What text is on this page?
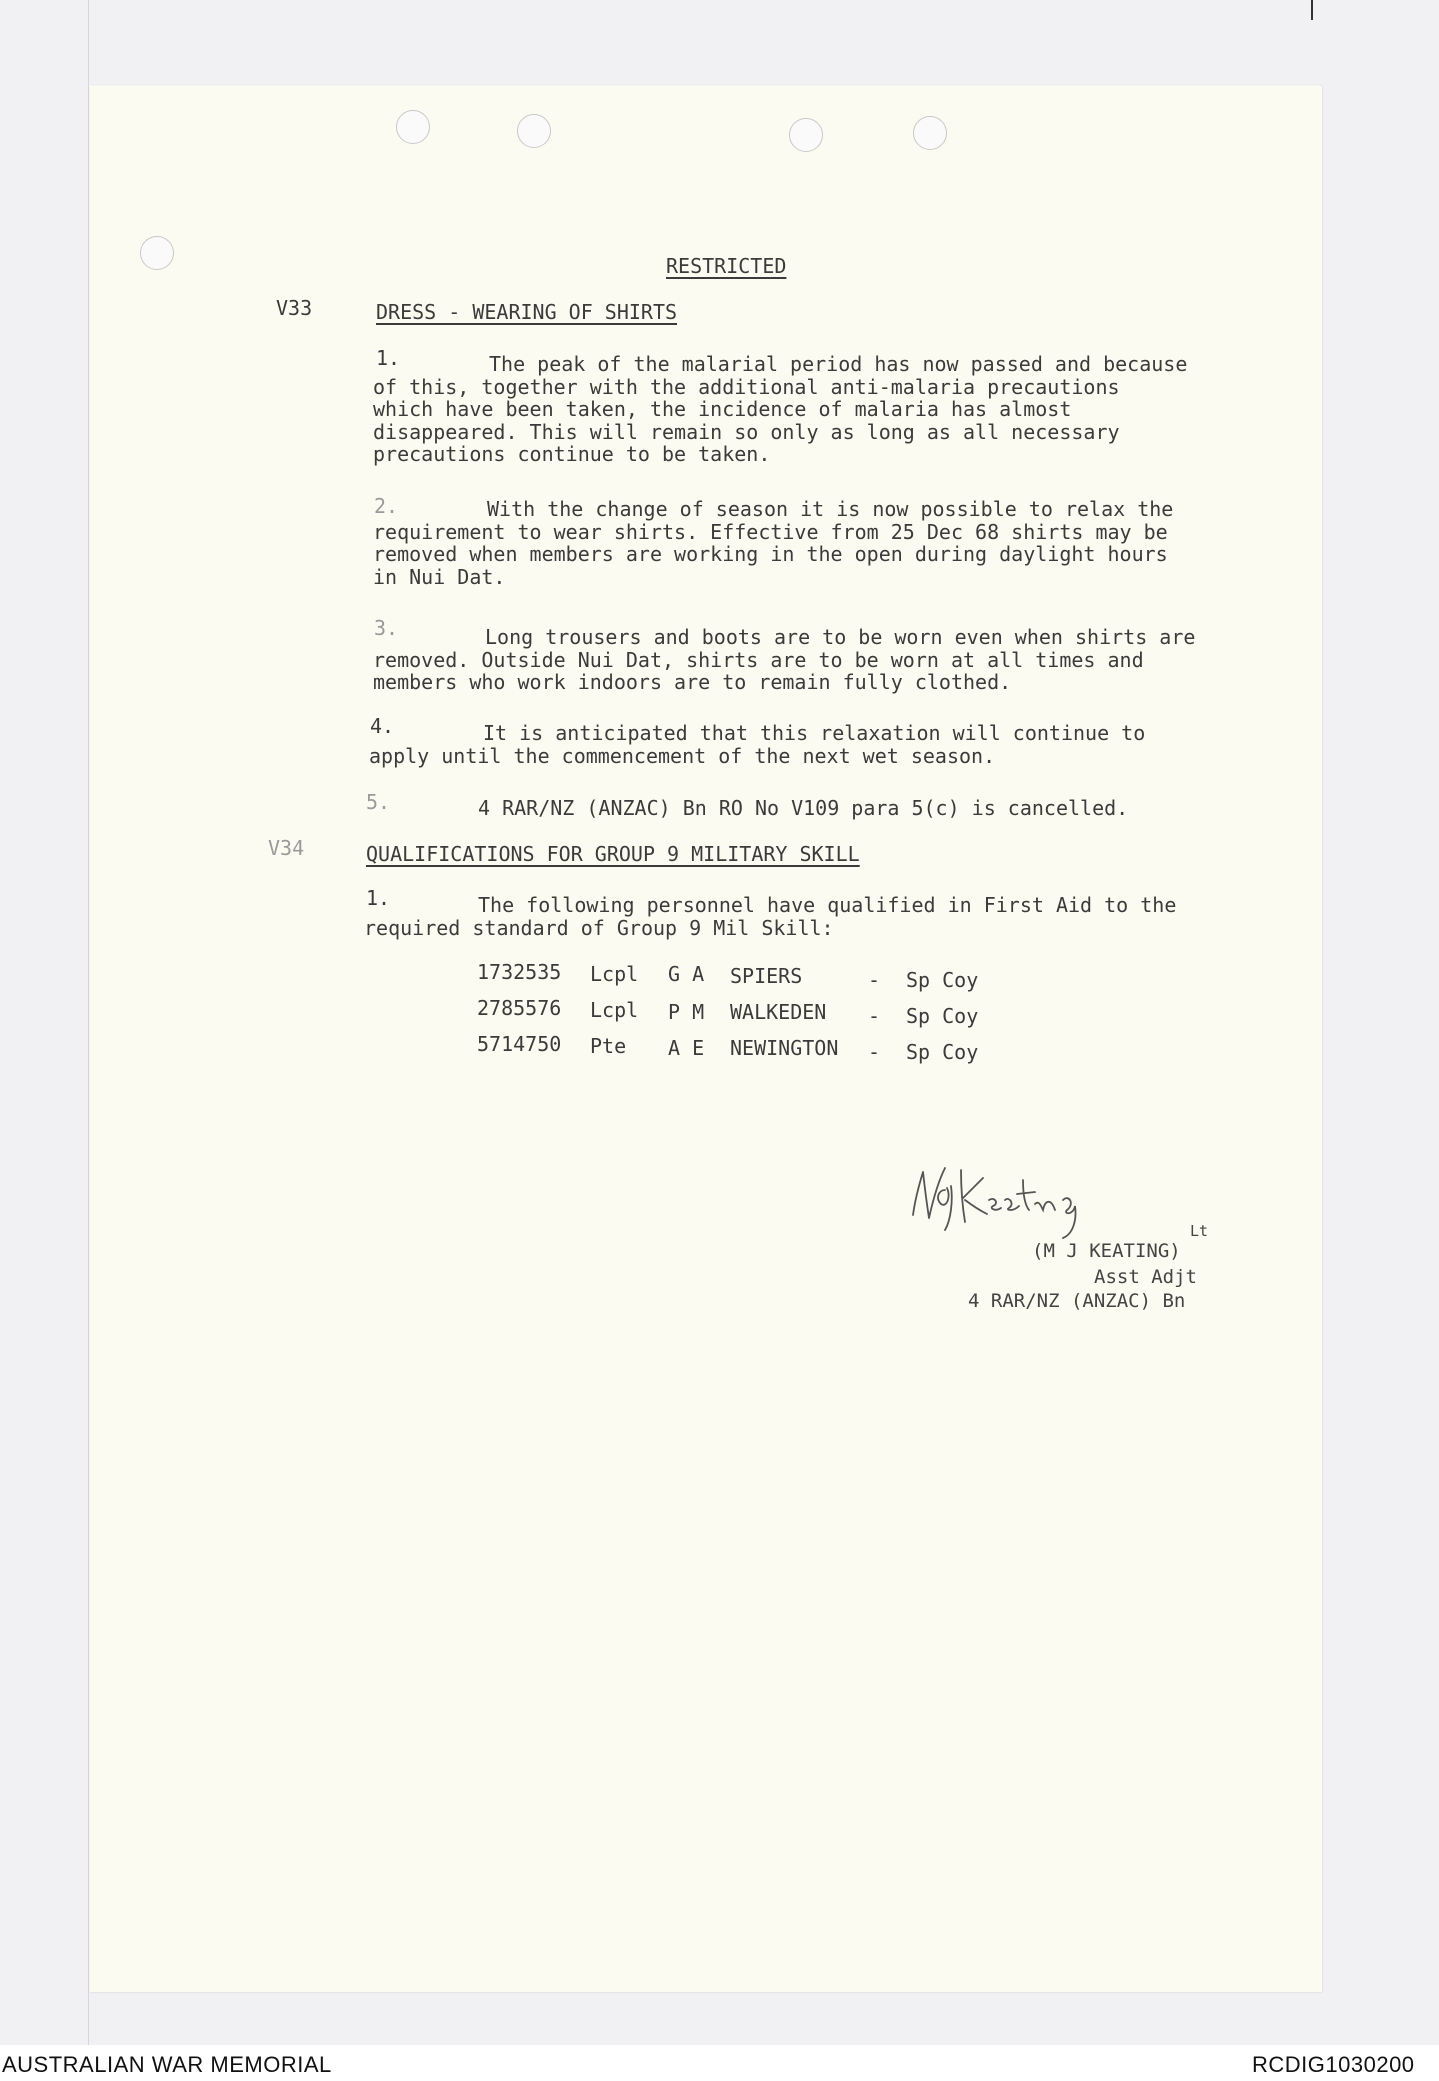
RESTRICTED
V33	DRESS - WEARING OF SHIRTS
1.	The peak of the malarial period has now passed and because

of this, together with the additional anti-malaria precautions

which have been taken, the incidence of malaria has almost

disappeared. This will remain so only as long as all necessary

precautions continue to be taken.

2.	With the change of season it is now possible to relax the

requirement to wear shirts. Effective from 25 Dec 68 shirts may be

removed when members are working in the open during daylight hours

in Nui Dat.

3.	Long trousers and boots are to be worn even when shirts are

removed. Outside Nui Dat, shirts are to be worn at all times and

members who work indoors are to remain fully clothed.

4.	It is anticipated that this relaxation will continue to

apply until the commencement of the next wet season.

5.	4 RAR/NZ (ANZAC) Bn RO No V109 para 5(c) is cancelled.
V34	QUALIFICATIONS FOR GROUP 9 MILITARY SKILL
1.	The following personnel have qualified in First Aid to the

required standard of Group 9 Mil Skill:

1732535 Lcpl G A SPIERS	- Sp Coy
2785576 Lcpl P M WALKEDEN - Sp Coy
5714750 Pte A E NEWINGTON - Sp Coy
Lt
(M J KEATING)
Asst Adjt
4 RAR/NZ (ANZAC) Bn
AUSTRALIAN WAR MEMORIAL	RCDIG1030200
